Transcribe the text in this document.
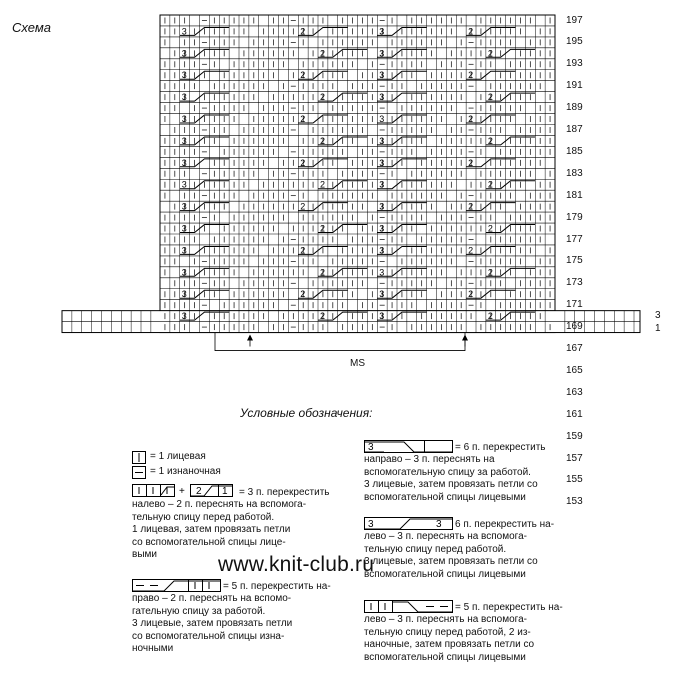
Схема	3	2	3	2
3	2	3	2
3	2	3	2
3	2	3	2
3	2	3	2
3	2	3	2
3	2	3	2
3	2	3	2
3	2	3	2
3	2	3	2
3	2	3	2
3	2	3	2
3	2	3	2
3	2	3	2
197
195
193
191
189
187
185
183
181
179
177
175
173
171
169
167
165
163
161
159
157
155
153
3
1
MS
Условные обозначения:
= 1 лицевая
= 1 изнаночная
+ 2 1	= 3 п. перекрестить
налево – 2 п. переснять на вспомога-
тельную спицу перед работой.
1 лицевая, затем провязать петли
со вспомогательной спицы лице-
выми
= 5 п. перекрестить на-
право – 2 п. переснять на вспомо-
гательную спицу за работой.
3 лицевые, затем провязать петли
со вспомогательной спицы изна-
ночными
3	= 6 п. перекрестить
направо – 3 п. переснять на
вспомогательную спицу за работой.
3 лицевые, затем провязать петли со
вспомогательной спицы лицевыми
3	3	6 п. перекрестить на-
лево – 3 п. переснять на вспомога-
тельную спицу перед работой.
3 лицевые, затем провязать петли со
вспомогательной спицы лицевыми
= 5 п. перекрестить на-
лево – 3 п. переснять на вспомога-
тельную спицу перед работой, 2 из-
наночные, затем провязать петли со
вспомогательной спицы лицевыми
www.knit-club.ru
